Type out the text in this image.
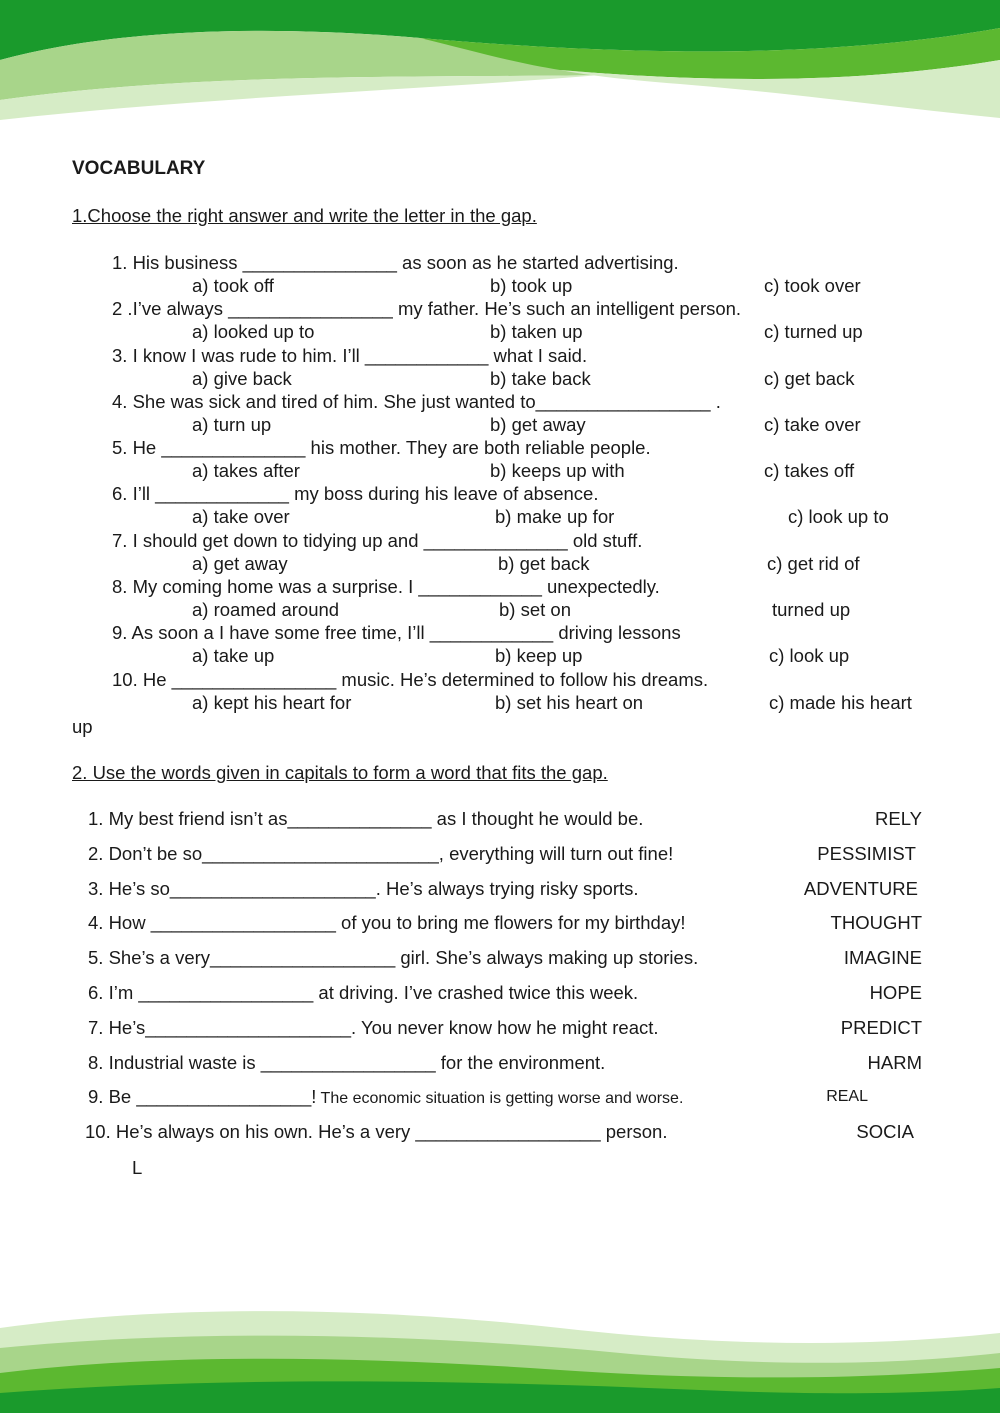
VOCABULARY

1.Choose the right answer and write the letter in the gap.

1. His business _______________ as soon as he started advertising.
a) took off	b) took up	c) took over
2 .I’ve always ________________ my father. He’s such an intelligent person.
a) looked up to	b) taken up	c) turned up
3. I know I was rude to him. I’ll ____________ what I said.
a) give back	b) take back	c) get back
4. She was sick and tired of him. She just wanted to_________________ .
a) turn up	b) get away	c) take over
5. He ______________ his mother. They are both reliable people.
a) takes after	b) keeps up with	c) takes off
6. I’ll _____________ my boss during his leave of absence.
a) take over	b) make up for	c) look up to
7. I should get down to tidying up and ______________ old stuff.
a) get away	b) get back	c) get rid of
8. My coming home was a surprise. I ____________ unexpectedly.
a) roamed around	b) set on	turned up
9. As soon a I have some free time, I’ll ____________ driving lessons
a) take up	b) keep up	c) look up
10. He ________________ music. He’s determined to follow his dreams.
a) kept his heart for	b) set his heart on	c) made his heart

up

2. Use the words given in capitals to form a word that fits the gap.

1. My best friend isn’t as______________ as I thought he would be.	RELY
2. Don’t be so_______________________, everything will turn out fine!	PESSIMIST
3. He’s so____________________. He’s always trying risky sports.	ADVENTURE
4. How __________________ of you to bring me flowers for my birthday!	THOUGHT
5. She’s a very__________________ girl. She’s always making up stories.	IMAGINE
6. I’m _________________ at driving. I’ve crashed twice this week.	HOPE
7. He’s____________________. You never know how he might react.	PREDICT
8. Industrial waste is _________________ for the environment.	HARM
9. Be _________________! The economic situation is getting worse and worse.	REAL
10. He’s always on his own. He’s a very __________________ person.	SOCIA

L
